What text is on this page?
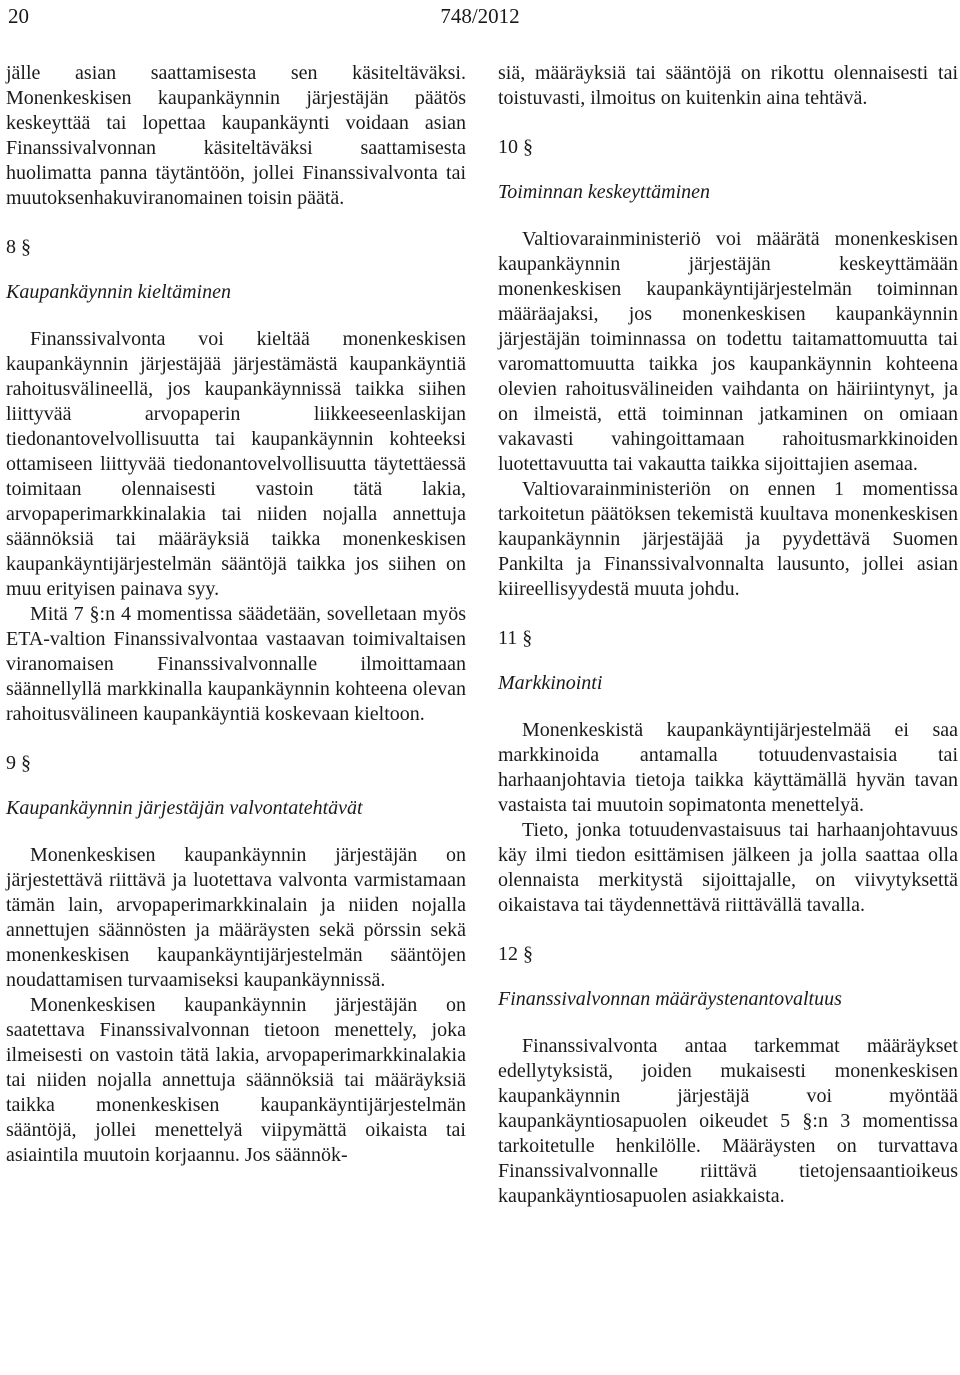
20	748/2012

jälle asian saattamisesta sen käsiteltäväksi. Monenkeskisen kaupankäynnin järjestäjän päätös keskeyttää tai lopettaa kaupankäynti voidaan asian Finanssivalvonnan käsiteltäväksi saattamisesta huolimatta panna täytäntöön, jollei Finanssivalvonta tai muutoksenhakuviranomainen toisin päätä.

8 §

Kaupankäynnin kieltäminen

Finanssivalvonta voi kieltää monenkeskisen kaupankäynnin järjestäjää järjestämästä kaupankäyntiä rahoitusvälineellä, jos kaupankäynnissä taikka siihen liittyvää arvopaperin liikkeeseenlaskijan tiedonantovelvollisuutta tai kaupankäynnin kohteeksi ottamiseen liittyvää tiedonantovelvollisuutta täytettäessä toimitaan olennaisesti vastoin tätä lakia, arvopaperimarkkinalakia tai niiden nojalla annettuja säännöksiä tai määräyksiä taikka monenkeskisen kaupankäyntijärjestelmän sääntöjä taikka jos siihen on muu erityisen painava syy.

Mitä 7 §:n 4 momentissa säädetään, sovelletaan myös ETA-valtion Finanssivalvontaa vastaavan toimivaltaisen viranomaisen Finanssivalvonnalle ilmoittamaan säännellyllä markkinalla kaupankäynnin kohteena olevan rahoitusvälineen kaupankäyntiä koskevaan kieltoon.

9 §

Kaupankäynnin järjestäjän valvontatehtävät

Monenkeskisen kaupankäynnin järjestäjän on järjestettävä riittävä ja luotettava valvonta varmistamaan tämän lain, arvopaperimarkkinalain ja niiden nojalla annettujen säännösten ja määräysten sekä pörssin sekä monenkeskisen kaupankäyntijärjestelmän sääntöjen noudattamisen turvaamiseksi kaupankäynnissä.

Monenkeskisen kaupankäynnin järjestäjän on saatettava Finanssivalvonnan tietoon menettely, joka ilmeisesti on vastoin tätä lakia, arvopaperimarkkinalakia tai niiden nojalla annettuja säännöksiä tai määräyksiä taikka monenkeskisen kaupankäyntijärjestelmän sääntöjä, jollei menettelyä viipymättä oikaista tai asiaintila muutoin korjaannu. Jos säännök-

siä, määräyksiä tai sääntöjä on rikottu olennaisesti tai toistuvasti, ilmoitus on kuitenkin aina tehtävä.

10 §

Toiminnan keskeyttäminen

Valtiovarainministeriö voi määrätä monenkeskisen kaupankäynnin järjestäjän keskeyttämään monenkeskisen kaupankäyntijärjestelmän toiminnan määräajaksi, jos monenkeskisen kaupankäynnin järjestäjän toiminnassa on todettu taitamattomuutta tai varomattomuutta taikka jos kaupankäynnin kohteena olevien rahoitusvälineiden vaihdanta on häiriintynyt, ja on ilmeistä, että toiminnan jatkaminen on omiaan vakavasti vahingoittamaan rahoitusmarkkinoiden luotettavuutta tai vakautta taikka sijoittajien asemaa.

Valtiovarainministeriön on ennen 1 momentissa tarkoitetun päätöksen tekemistä kuultava monenkeskisen kaupankäynnin järjestäjää ja pyydettävä Suomen Pankilta ja Finanssivalvonnalta lausunto, jollei asian kiireellisyydestä muuta johdu.

11 §

Markkinointi

Monenkeskistä kaupankäyntijärjestelmää ei saa markkinoida antamalla totuudenvastaisia tai harhaanjohtavia tietoja taikka käyttämällä hyvän tavan vastaista tai muutoin sopimatonta menettelyä.

Tieto, jonka totuudenvastaisuus tai harhaanjohtavuus käy ilmi tiedon esittämisen jälkeen ja jolla saattaa olla olennaista merkitystä sijoittajalle, on viivytyksettä oikaistava tai täydennettävä riittävällä tavalla.

12 §

Finanssivalvonnan määräystenantovaltuus

Finanssivalvonta antaa tarkemmat määräykset edellytyksistä, joiden mukaisesti monenkeskisen kaupankäynnin järjestäjä voi myöntää kaupankäyntiosapuolen oikeudet 5 §:n 3 momentissa tarkoitetulle henkilölle. Määräysten on turvattava Finanssivalvonnalle riittävä tietojensaantioikeus kaupankäyntiosapuolen asiakkaista.
